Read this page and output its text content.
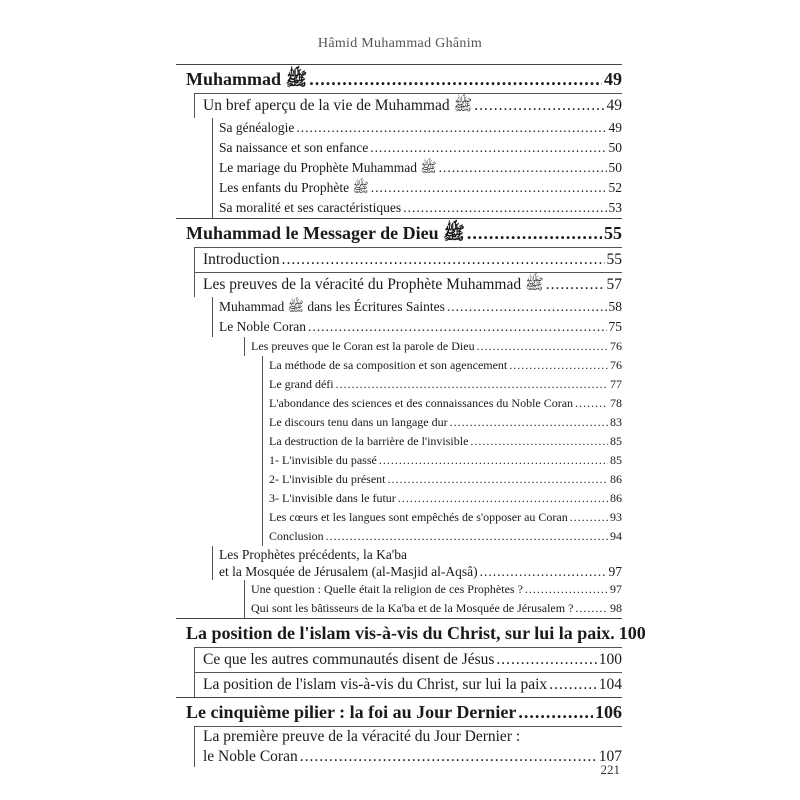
Hâmid Muhammad Ghânim
Muhammad ﷺ .....	49
Un bref aperçu de la vie de Muhammad ﷺ .....	49
Sa généalogie .....	49
Sa naissance et son enfance .....	50
Le mariage du Prophète Muhammad ﷺ .....	50
Les enfants du Prophète ﷺ .....	52
Sa moralité et ses caractéristiques .....	53
Muhammad le Messager de Dieu ﷺ .....	55
Introduction .....	55
Les preuves de la véracité du Prophète Muhammad ﷺ .....	57
Muhammad ﷺ dans les Écritures Saintes .....	58
Le Noble Coran .....	75
Les preuves que le Coran est la parole de Dieu .....	76
La méthode de sa composition et son agencement .....	76
Le grand défi .....	77
L'abondance des sciences et des connaissances du Noble Coran .....	78
Le discours tenu dans un langage dur .....	83
La destruction de la barrière de l'invisible .....	85
1- L'invisible du passé .....	85
2- L'invisible du présent .....	86
3- L'invisible dans le futur .....	86
Les cœurs et les langues sont empêchés de s'opposer au Coran .....	93
Conclusion .....	94
Les Prophètes précédents, la Ka'ba
et la Mosquée de Jérusalem (al-Masjid al-Aqsâ) .....	97
Une question : Quelle était la religion de ces Prophètes ? .....	97
Qui sont les bâtisseurs de la Ka'ba et de la Mosquée de Jérusalem ? .....	98
La position de l'islam vis-à-vis du Christ, sur lui la paix. 100
Ce que les autres communautés disent de Jésus .....	100
La position de l'islam vis-à-vis du Christ, sur lui la paix .....	104
Le cinquième pilier : la foi au Jour Dernier .....	106
La première preuve de la véracité du Jour Dernier :
le Noble Coran .....	107
221
